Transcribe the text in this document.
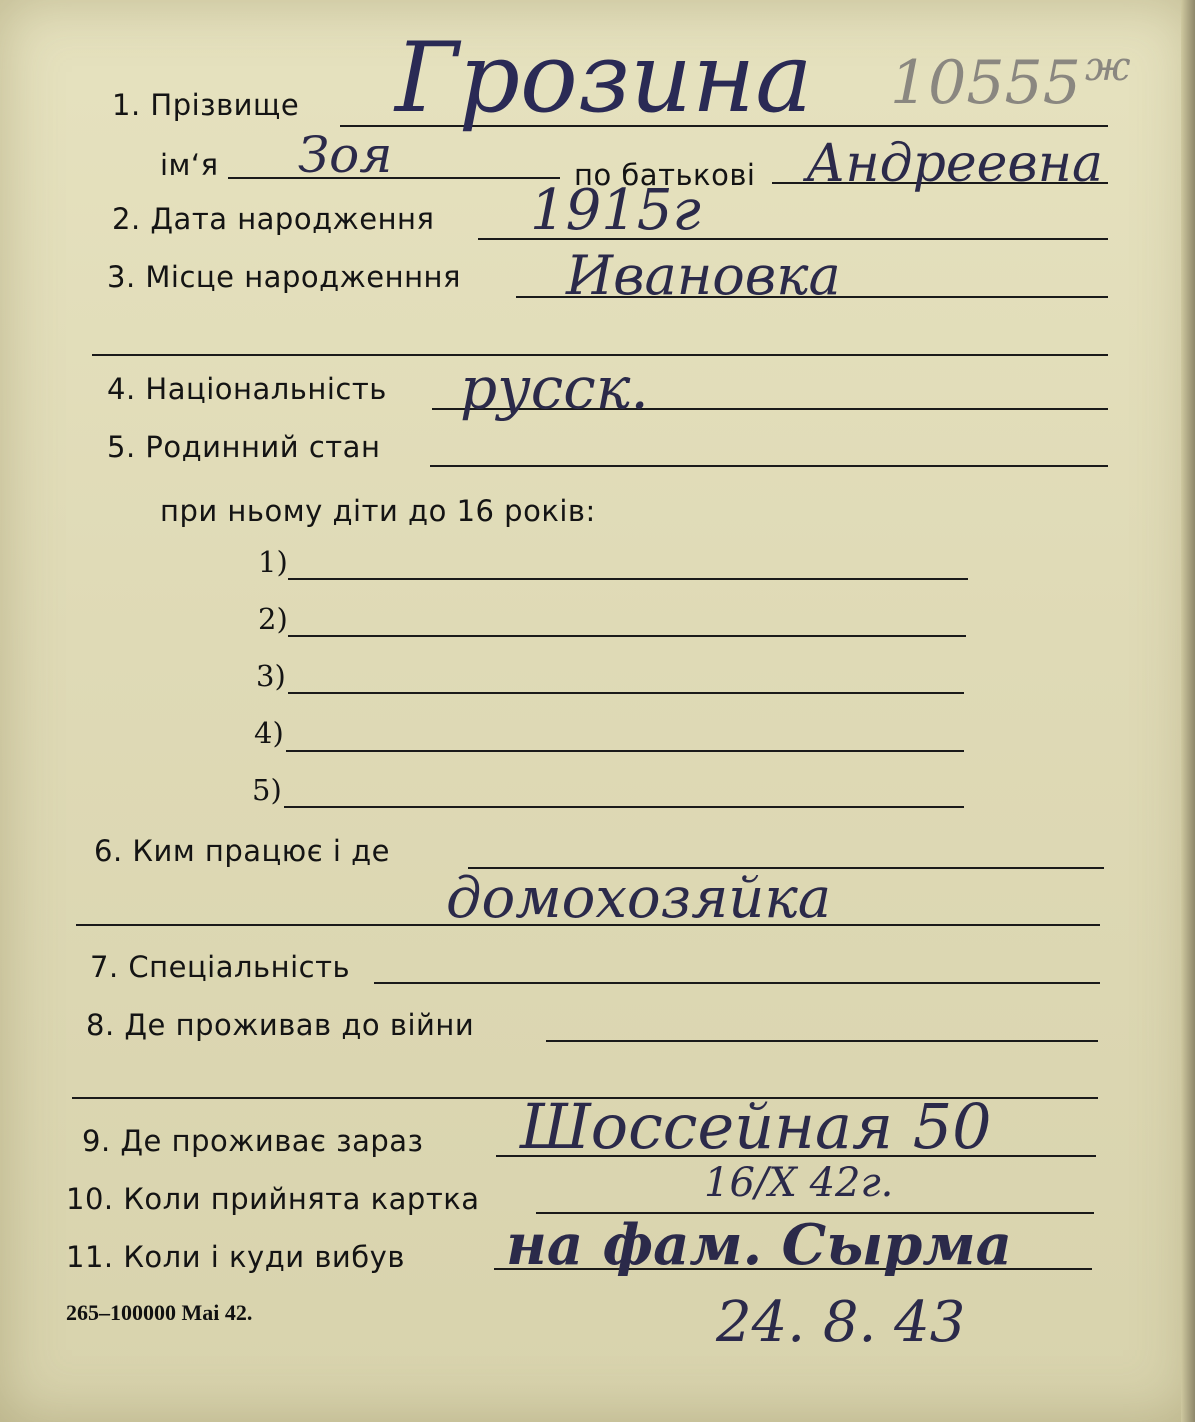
1. Прізвище Грозина 10555 ж
ім‘я Зоя	по батькові Андреевна
2. Дата народження 1915г
3. Місце народженння Ивановка
4. Національність русск.
5. Родинний стан
при ньому діти до 16 років:
1)
2)
3)
4)
5)
6. Ким працює і де
домохозяйка
7. Спеціальність
8. Де проживав до війни
9. Де проживає зараз Шоссейная 50
10. Коли прийнята картка	16/X 42г.
11. Коли і куди вибув на фам. Сырма
24. 8. 43
265–100000 Mai 42.
